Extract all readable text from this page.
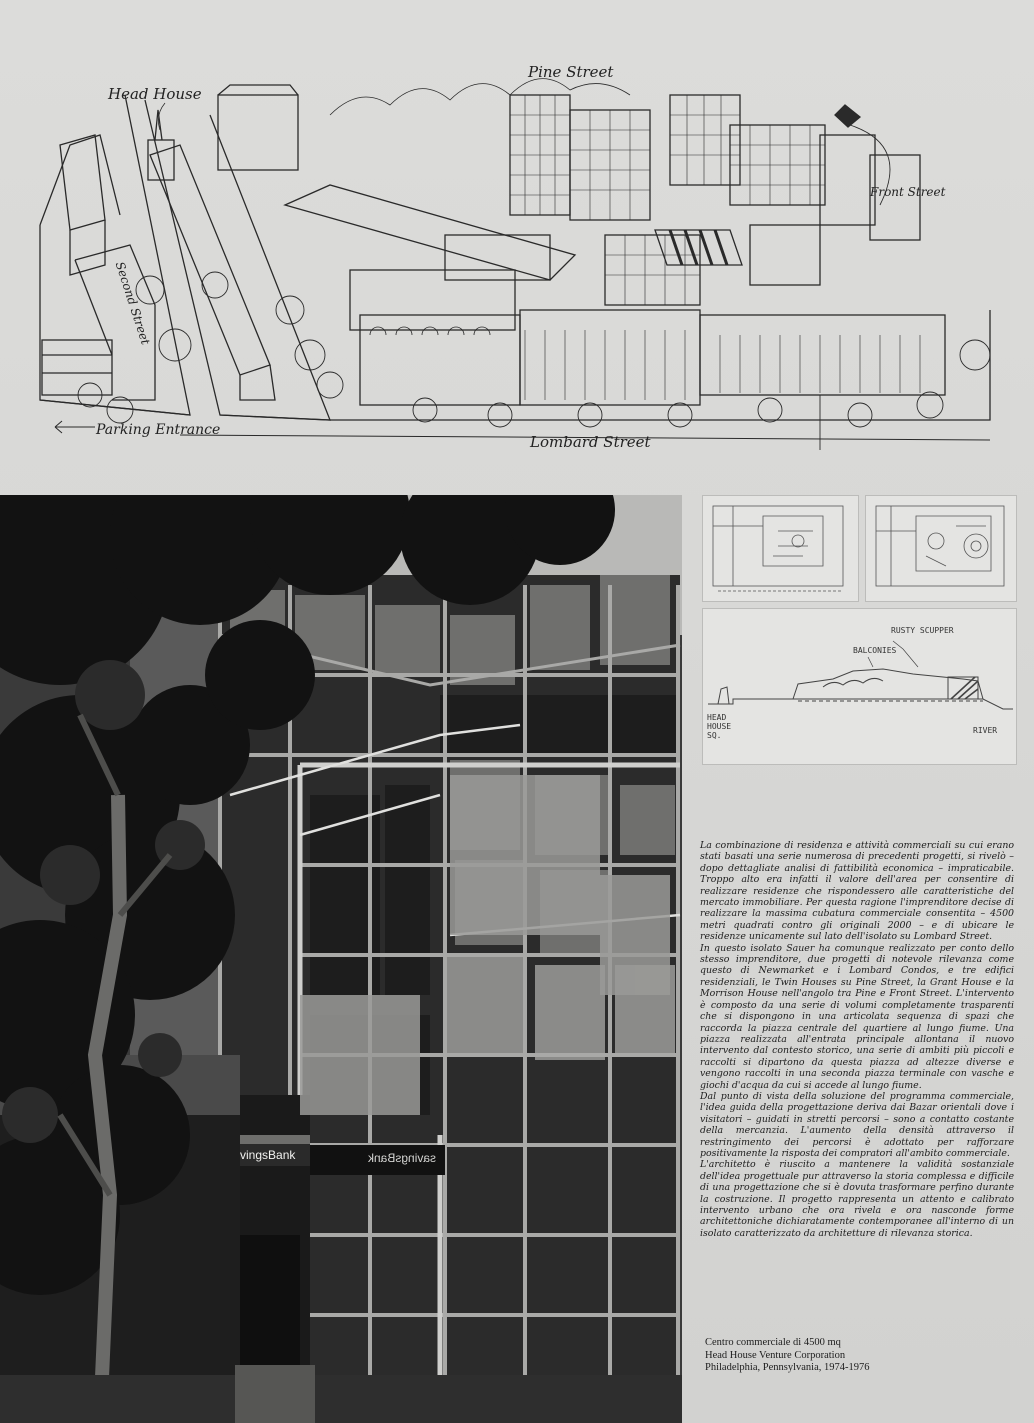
Head House
Pine Street
Front Street
Second Street
Parking Entrance
Lombard Street
vingsBank	savingsBank
RUSTY SCUPPER
BALCONIES
HEAD HOUSE SQ.
RIVER

La combinazione di residenza e attività commerciali su cui erano stati basati una serie numerosa di precedenti progetti, si rivelò – dopo dettagliate analisi di fattibilità economica – impraticabile. Troppo alto era infatti il valore dell'area per consentire di realizzare residenze che rispondessero alle caratteristiche del mercato immobiliare. Per questa ragione l'imprenditore decise di realizzare la massima cubatura commerciale consentita – 4500 metri quadrati contro gli originali 2000 – e di ubicare le residenze unicamente sul lato dell'isolato su Lombard Street.

In questo isolato Sauer ha comunque realizzato per conto dello stesso imprenditore, due progetti di notevole rilevanza come questo di Newmarket e i Lombard Condos, e tre edifici residenziali, le Twin Houses su Pine Street, la Grant House e la Morrison House nell'angolo tra Pine e Front Street. L'intervento è composto da una serie di volumi completamente trasparenti che si dispongono in una articolata sequenza di spazi che raccorda la piazza centrale del quartiere al lungo fiume. Una piazza realizzata all'entrata principale allontana il nuovo intervento dal contesto storico, una serie di ambiti più piccoli e raccolti si dipartono da questa piazza ad altezze diverse e vengono raccolti in una seconda piazza terminale con vasche e giochi d'acqua da cui si accede al lungo fiume.

Dal punto di vista della soluzione del programma commerciale, l'idea guida della progettazione deriva dai Bazar orientali dove i visitatori – guidati in stretti percorsi – sono a contatto costante della mercanzia. L'aumento della densità attraverso il restringimento dei percorsi è adottato per rafforzare positivamente la risposta dei compratori all'ambito commerciale.

L'architetto è riuscito a mantenere la validità sostanziale dell'idea progettuale pur attraverso la storia complessa e difficile di una progettazione che si è dovuta trasformare perfino durante la costruzione. Il progetto rappresenta un attento e calibrato intervento urbano che ora rivela e ora nasconde forme architettoniche dichiaratamente contemporanee all'interno di un isolato caratterizzato da architetture di rilevanza storica.

Centro commerciale di 4500 mq
Head House Venture Corporation
Philadelphia, Pennsylvania, 1974-1976
